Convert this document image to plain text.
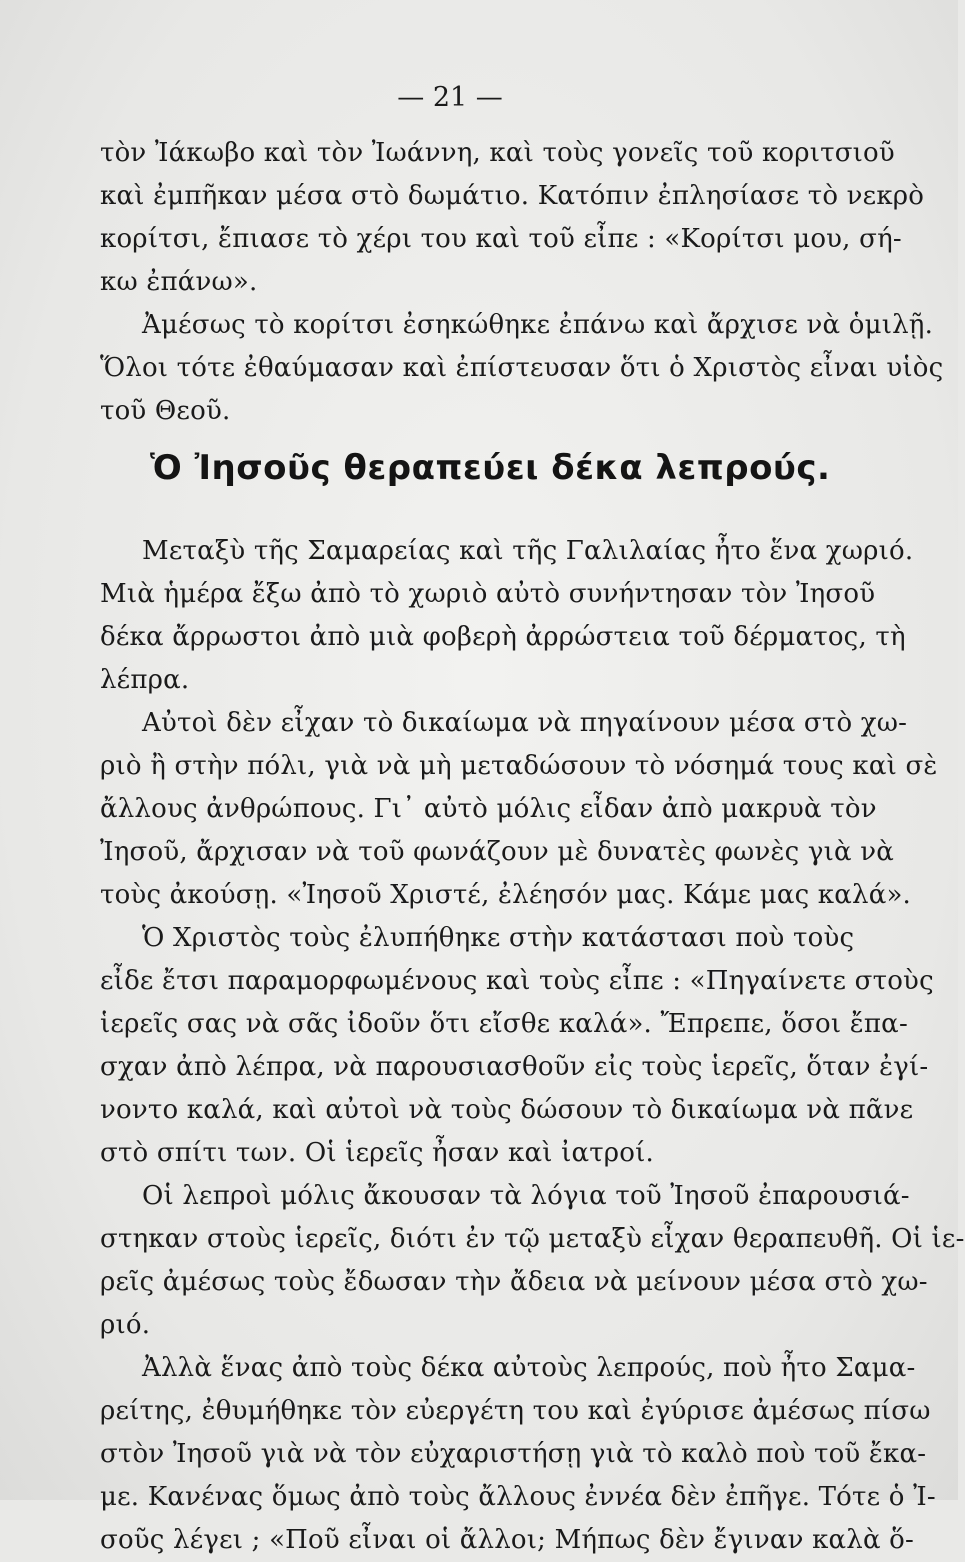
— 21 —
τὸν Ἰάκωβο καὶ τὸν Ἰωάννη, καὶ τοὺς γονεῖς τοῦ κοριτσιοῦ
καὶ ἐμπῆκαν μέσα στὸ δωμάτιο. Κατόπιν ἐπλησίασε τὸ νεκρὸ
κορίτσι, ἔπιασε τὸ χέρι του καὶ τοῦ εἶπε : «Κορίτσι μου, σή-
κω ἐπάνω».
Ἀμέσως τὸ κορίτσι ἐσηκώθηκε ἐπάνω καὶ ἄρχισε νὰ ὁμιλῇ.
Ὅλοι τότε ἐθαύμασαν καὶ ἐπίστευσαν ὅτι ὁ Χριστὸς εἶναι υἱὸς
τοῦ Θεοῦ.
Ὁ Ἰησοῦς θεραπεύει δέκα λεπρούς.
Μεταξὺ τῆς Σαμαρείας καὶ τῆς Γαλιλαίας ἦτο ἕνα χωριό.
Μιὰ ἡμέρα ἔξω ἀπὸ τὸ χωριὸ αὐτὸ συνήντησαν τὸν Ἰησοῦ
δέκα ἄρρωστοι ἀπὸ μιὰ φοβερὴ ἀρρώστεια τοῦ δέρματος, τὴ
λέπρα.
Αὐτοὶ δὲν εἶχαν τὸ δικαίωμα νὰ πηγαίνουν μέσα στὸ χω-
ριὸ ἢ στὴν πόλι, γιὰ νὰ μὴ μεταδώσουν τὸ νόσημά τους καὶ σὲ
ἄλλους ἀνθρώπους. Γι᾽ αὐτὸ μόλις εἶδαν ἀπὸ μακρυὰ τὸν
Ἰησοῦ, ἄρχισαν νὰ τοῦ φωνάζουν μὲ δυνατὲς φωνὲς γιὰ νὰ
τοὺς ἀκούσῃ. «Ἰησοῦ Χριστέ, ἐλέησόν μας. Κάμε μας καλά».
Ὁ Χριστὸς τοὺς ἐλυπήθηκε στὴν κατάστασι ποὺ τοὺς
εἶδε ἔτσι παραμορφωμένους καὶ τοὺς εἶπε : «Πηγαίνετε στοὺς
ἱερεῖς σας νὰ σᾶς ἰδοῦν ὅτι εἴσθε καλά». Ἔπρεπε, ὅσοι ἔπα-
σχαν ἀπὸ λέπρα, νὰ παρουσιασθοῦν εἰς τοὺς ἱερεῖς, ὅταν ἐγί-
νοντο καλά, καὶ αὐτοὶ νὰ τοὺς δώσουν τὸ δικαίωμα νὰ πᾶνε
στὸ σπίτι των. Οἱ ἱερεῖς ἦσαν καὶ ἰατροί.
Οἱ λεπροὶ μόλις ἄκουσαν τὰ λόγια τοῦ Ἰησοῦ ἐπαρουσιά-
στηκαν στοὺς ἱερεῖς, διότι ἐν τῷ μεταξὺ εἶχαν θεραπευθῆ. Οἱ ἱε-
ρεῖς ἀμέσως τοὺς ἔδωσαν τὴν ἄδεια νὰ μείνουν μέσα στὸ χω-
ριό.
Ἀλλὰ ἕνας ἀπὸ τοὺς δέκα αὐτοὺς λεπρούς, ποὺ ἦτο Σαμα-
ρείτης, ἐθυμήθηκε τὸν εὐεργέτη του καὶ ἐγύρισε ἀμέσως πίσω
στὸν Ἰησοῦ γιὰ νὰ τὸν εὐχαριστήσῃ γιὰ τὸ καλὸ ποὺ τοῦ ἔκα-
με. Κανένας ὅμως ἀπὸ τοὺς ἄλλους ἐννέα δὲν ἐπῆγε. Τότε ὁ Ἰ-
σοῦς λέγει ; «Ποῦ εἶναι οἱ ἄλλοι; Μήπως δὲν ἔγιναν καλὰ ὅ-
